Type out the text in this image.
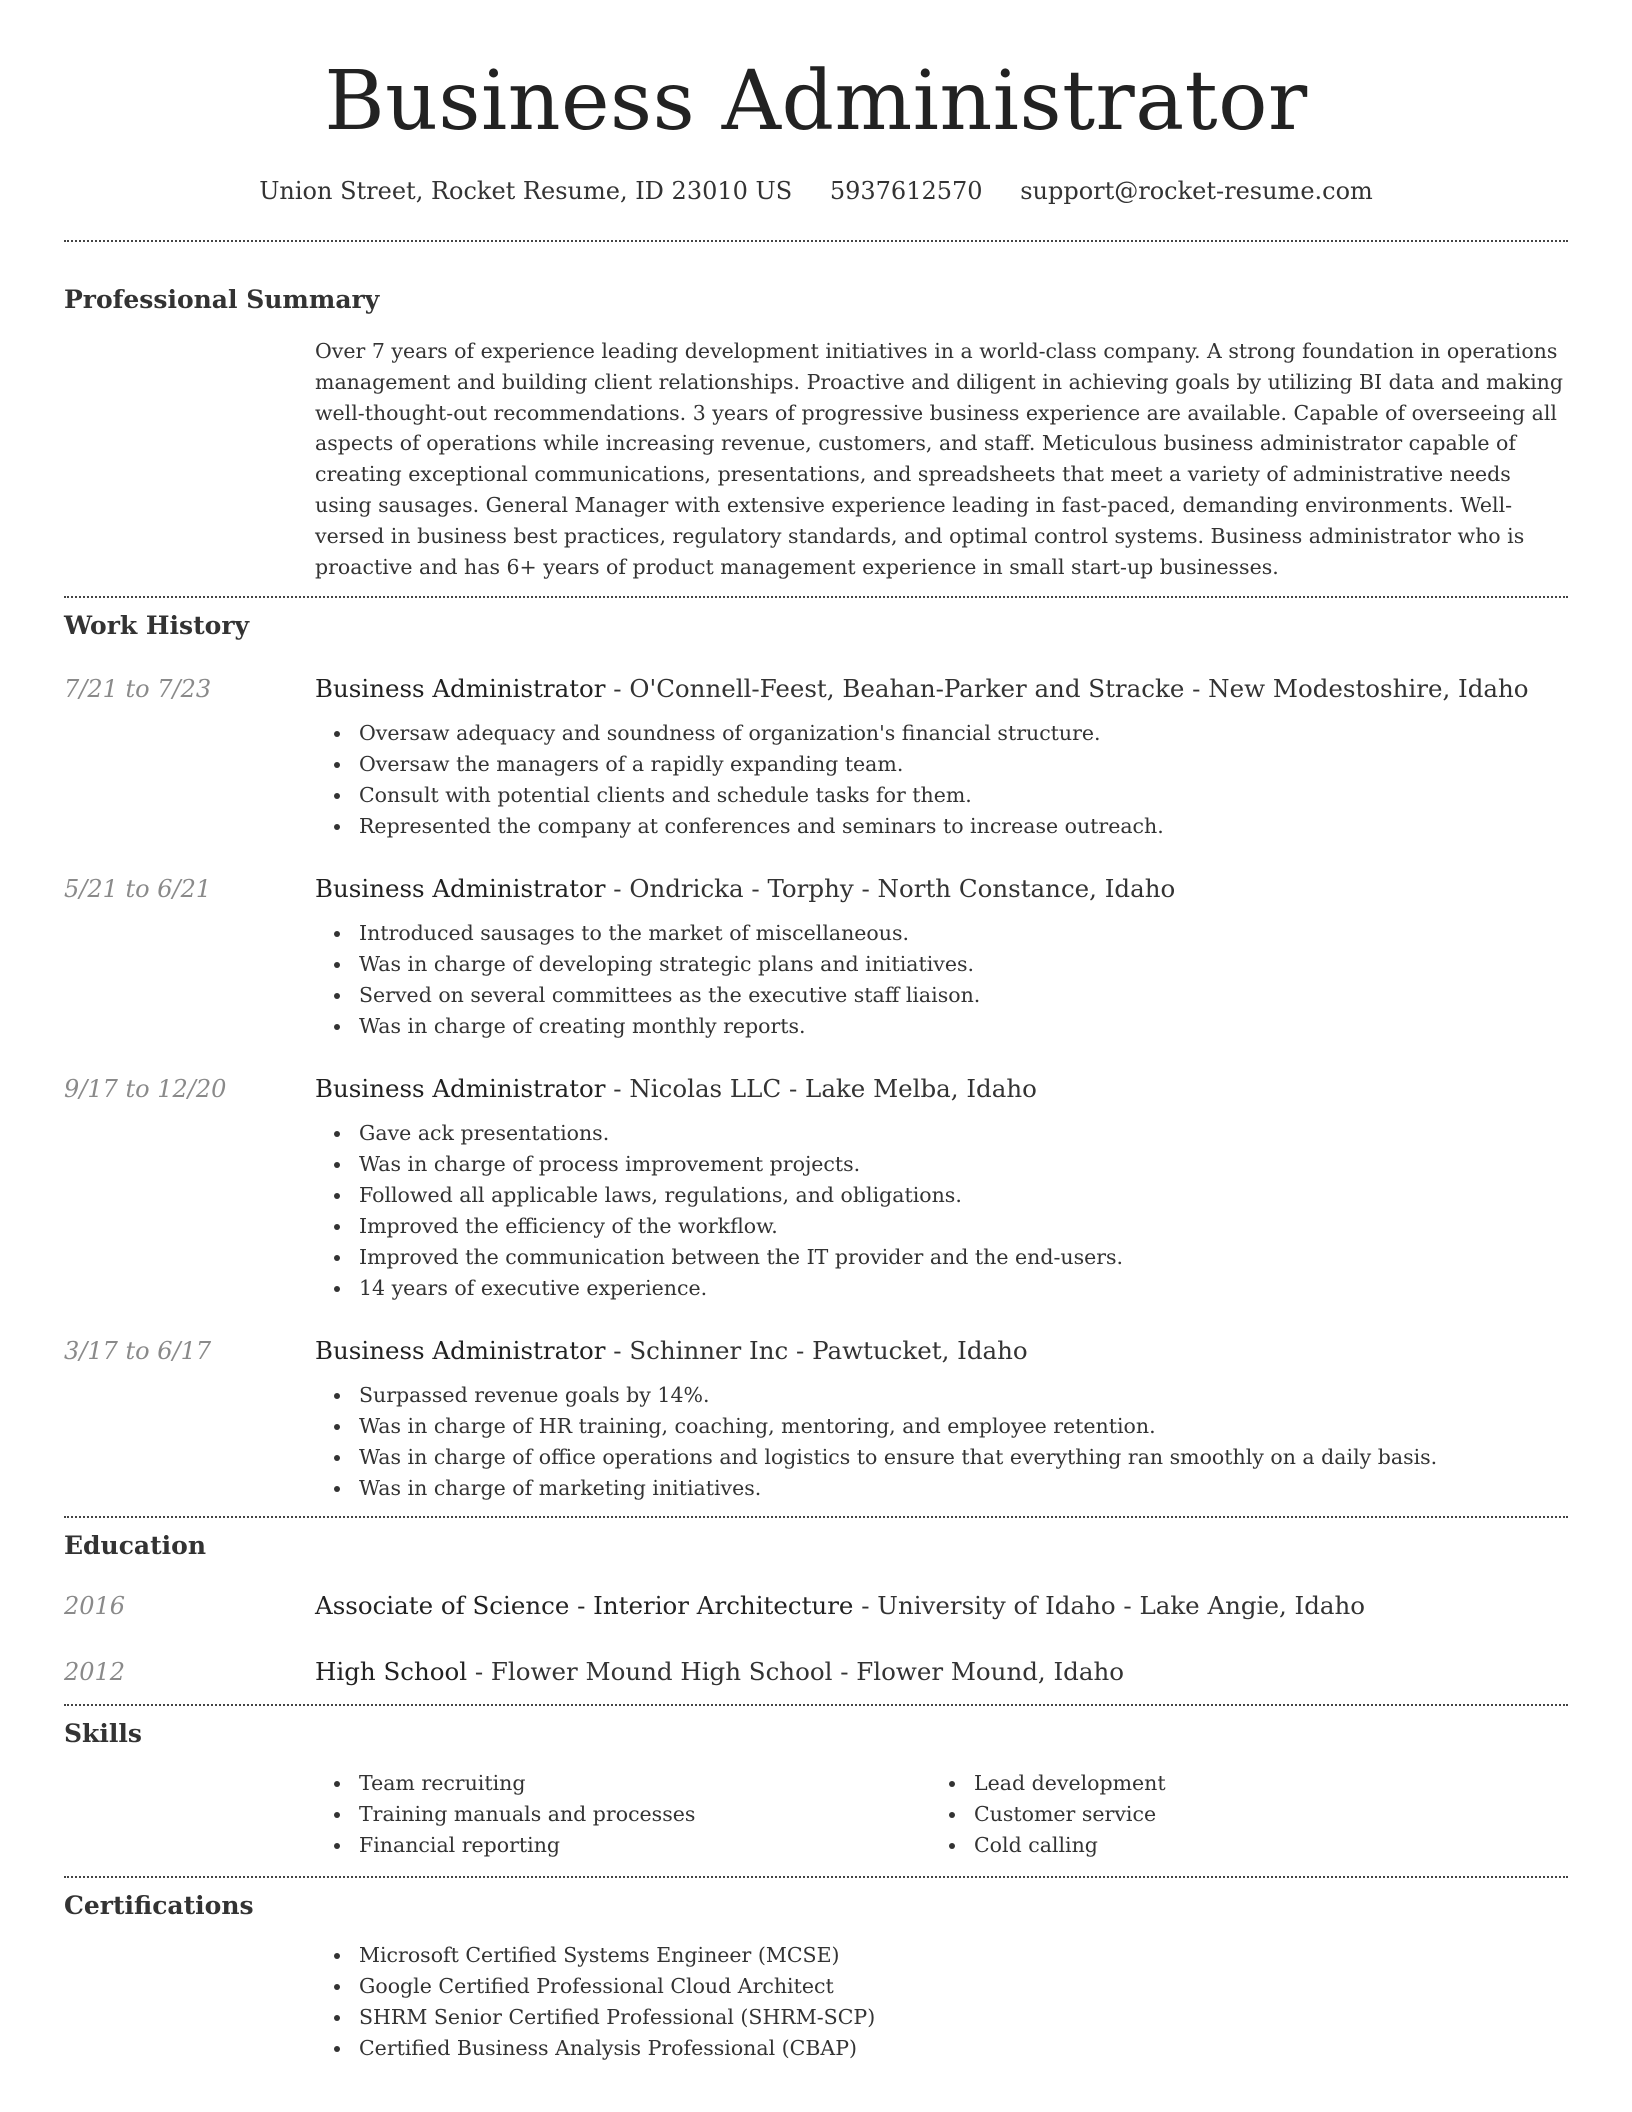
Business Administrator
Union Street, Rocket Resume, ID 23010 US 5937612570 support@rocket-resume.com
Professional Summary

Over 7 years of experience leading development initiatives in a world-class company. A strong foundation in operations management and building client relationships. Proactive and diligent in achieving goals by utilizing BI data and making well-thought-out recommendations. 3 years of progressive business experience are available. Capable of overseeing all aspects of operations while increasing revenue, customers, and staff. Meticulous business administrator capable of creating exceptional communications, presentations, and spreadsheets that meet a variety of administrative needs using sausages. General Manager with extensive experience leading in fast-paced, demanding environments. Well-versed in business best practices, regulatory standards, and optimal control systems. Business administrator who is proactive and has 6+ years of product management experience in small start-up businesses.

Work History
7/21 to 7/23	Business Administrator - O'Connell-Feest, Beahan-Parker and Stracke - New Modestoshire, Idaho
Oversaw adequacy and soundness of organization's financial structure.
Oversaw the managers of a rapidly expanding team.
Consult with potential clients and schedule tasks for them.
Represented the company at conferences and seminars to increase outreach.
5/21 to 6/21	Business Administrator - Ondricka - Torphy - North Constance, Idaho
Introduced sausages to the market of miscellaneous.
Was in charge of developing strategic plans and initiatives.
Served on several committees as the executive staff liaison.
Was in charge of creating monthly reports.
9/17 to 12/20	Business Administrator - Nicolas LLC - Lake Melba, Idaho
Gave ack presentations.
Was in charge of process improvement projects.
Followed all applicable laws, regulations, and obligations.
Improved the efficiency of the workflow.
Improved the communication between the IT provider and the end-users.
14 years of executive experience.
3/17 to 6/17	Business Administrator - Schinner Inc - Pawtucket, Idaho
Surpassed revenue goals by 14%.
Was in charge of HR training, coaching, mentoring, and employee retention.
Was in charge of office operations and logistics to ensure that everything ran smoothly on a daily basis.
Was in charge of marketing initiatives.
Education
2016	Associate of Science - Interior Architecture - University of Idaho - Lake Angie, Idaho
2012	High School - Flower Mound High School - Flower Mound, Idaho
Skills
Team recruiting
Training manuals and processes
Financial reporting
Lead development
Customer service
Cold calling
Certifications
Microsoft Certified Systems Engineer (MCSE)
Google Certified Professional Cloud Architect
SHRM Senior Certified Professional (SHRM-SCP)
Certified Business Analysis Professional (CBAP)
